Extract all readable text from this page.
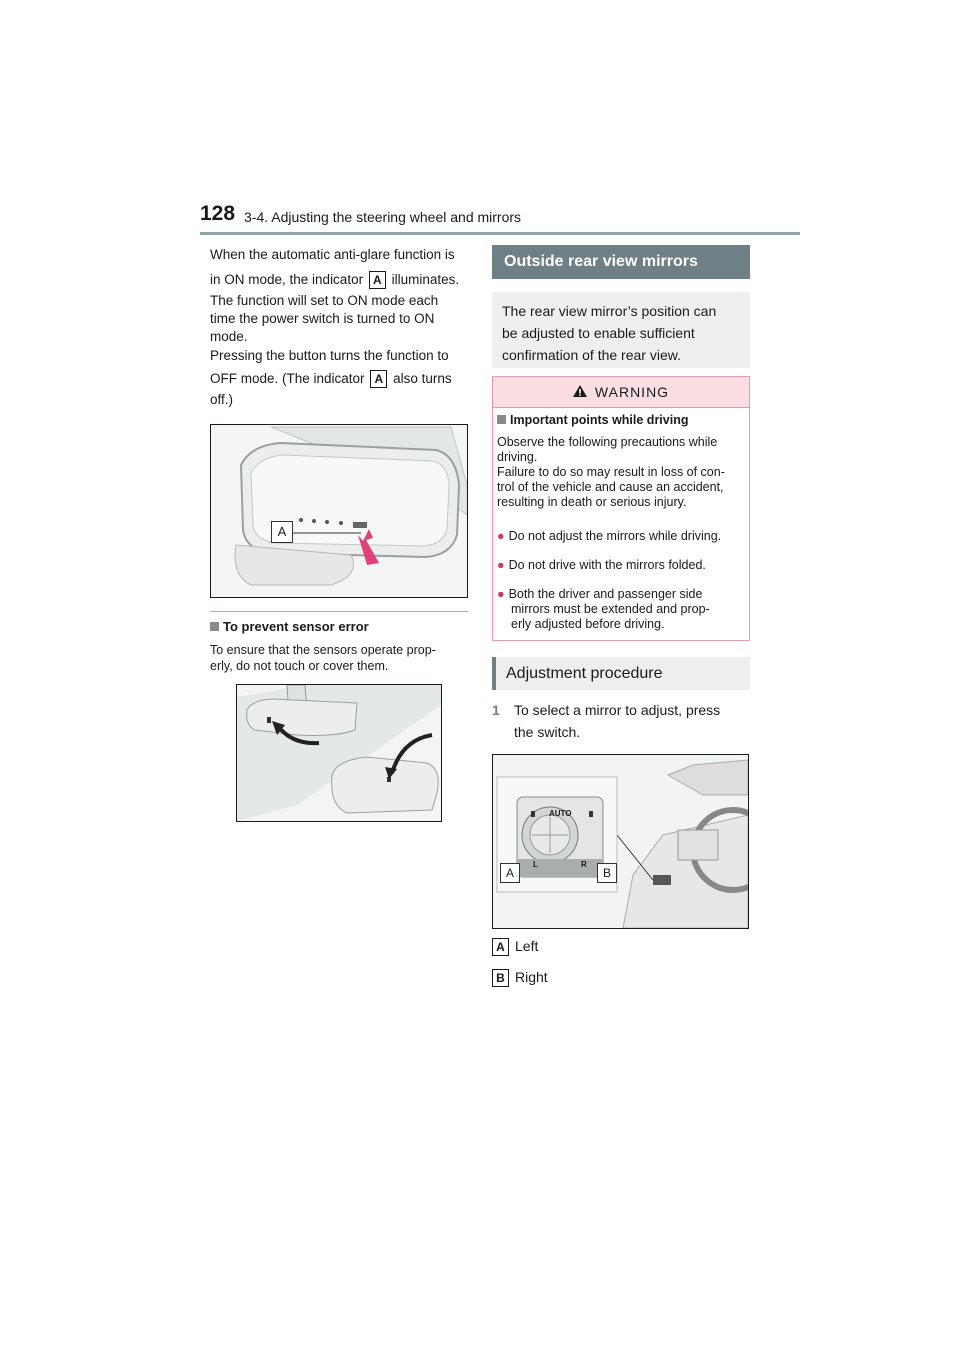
128 3-4. Adjusting the steering wheel and mirrors
When the automatic anti-glare function is
in ON mode, the indicator A illuminates.
The function will set to ON mode each
time the power switch is turned to ON
mode.
Pressing the button turns the function to
OFF mode. (The indicator A also turns
off.)
A
To prevent sensor error
To ensure that the sensors operate prop-
erly, do not touch or cover them.
Outside rear view mirrors
The rear view mirror’s position can
be adjusted to enable sufficient
confirmation of the rear view.
WARNING
Important points while driving
Observe the following precautions while
driving.
Failure to do so may result in loss of con-
trol of the vehicle and cause an accident,
resulting in death or serious injury.
● Do not adjust the mirrors while driving.
● Do not drive with the mirrors folded.
● Both the driver and passenger side
mirrors must be extended and prop-
erly adjusted before driving.
Adjustment procedure
1	To select a mirror to adjust, press
the switch.
AUTO
L	R
A	B
A Left
B Right
